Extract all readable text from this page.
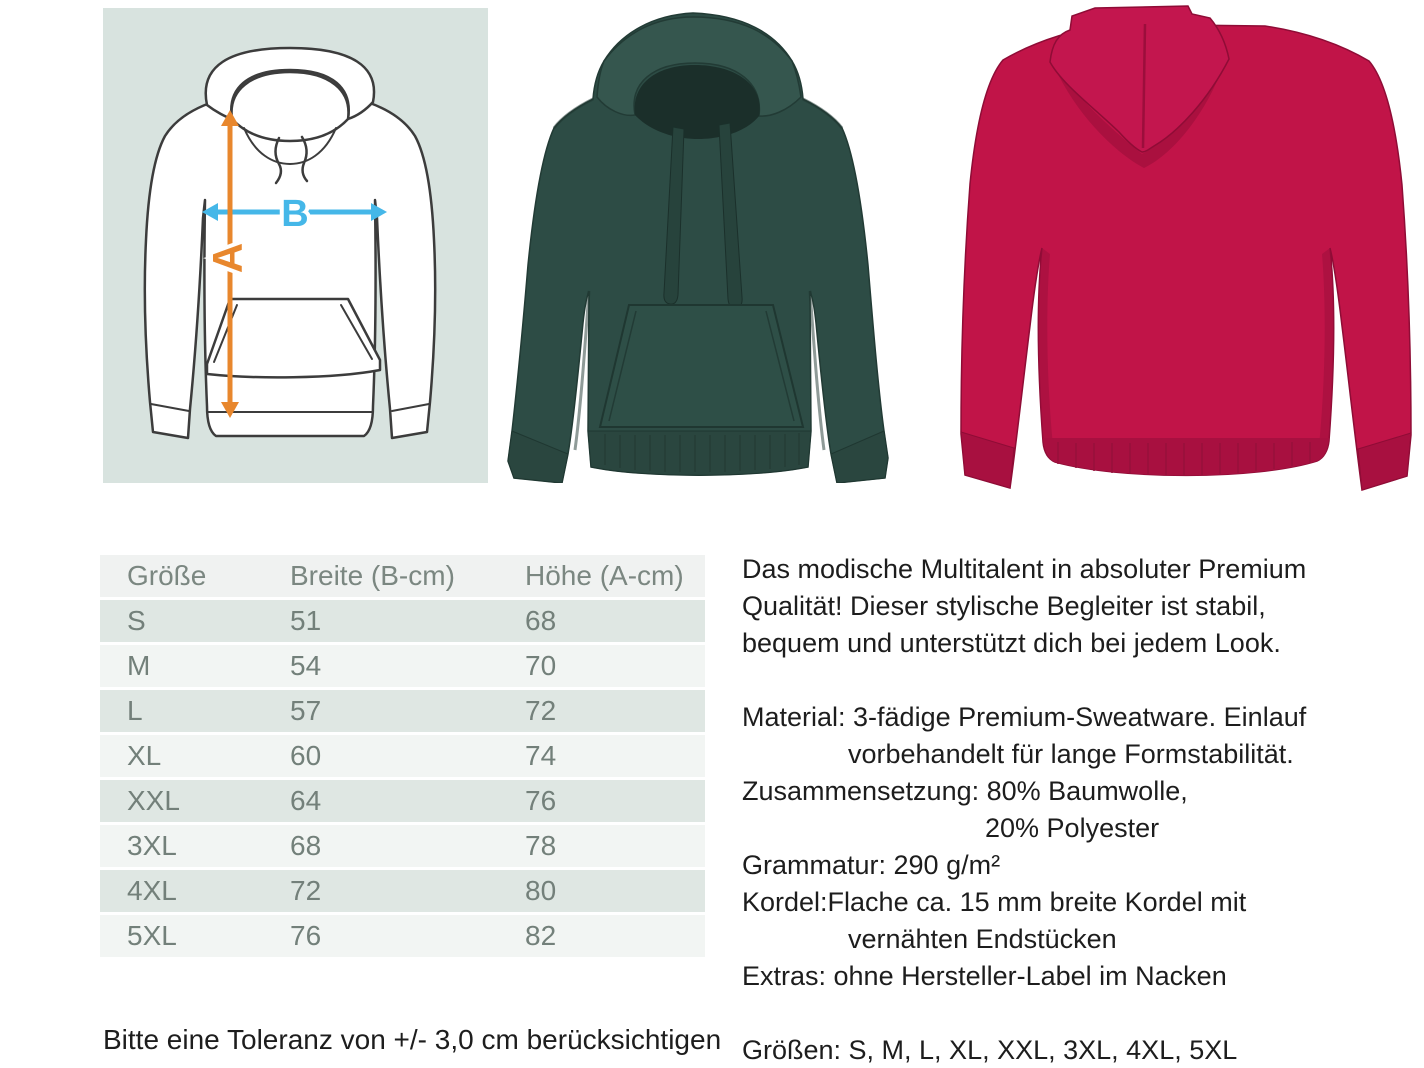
B
A
Größe	Breite (B-cm)	Höhe (A-cm)
S	51	68
M	54	70
L	57	72
XL	60	74
XXL	64	76
3XL	68	78
4XL	72	80
5XL	76	82

Bitte eine Toleranz von +/- 3,0 cm berücksichtigen

Das modische Multitalent in absoluter Premium
Qualität! Dieser stylische Begleiter ist stabil,
bequem und unterstützt dich bei jedem Look.
Material: 3-fädige Premium-Sweatware. Einlauf
vorbehandelt für lange Formstabilität.
Zusammensetzung: 80% Baumwolle,
20% Polyester
Grammatur: 290 g/m²
Kordel:Flache ca. 15 mm breite Kordel mit
vernähten Endstücken
Extras: ohne Hersteller-Label im Nacken
Größen: S, M, L, XL, XXL, 3XL, 4XL, 5XL
